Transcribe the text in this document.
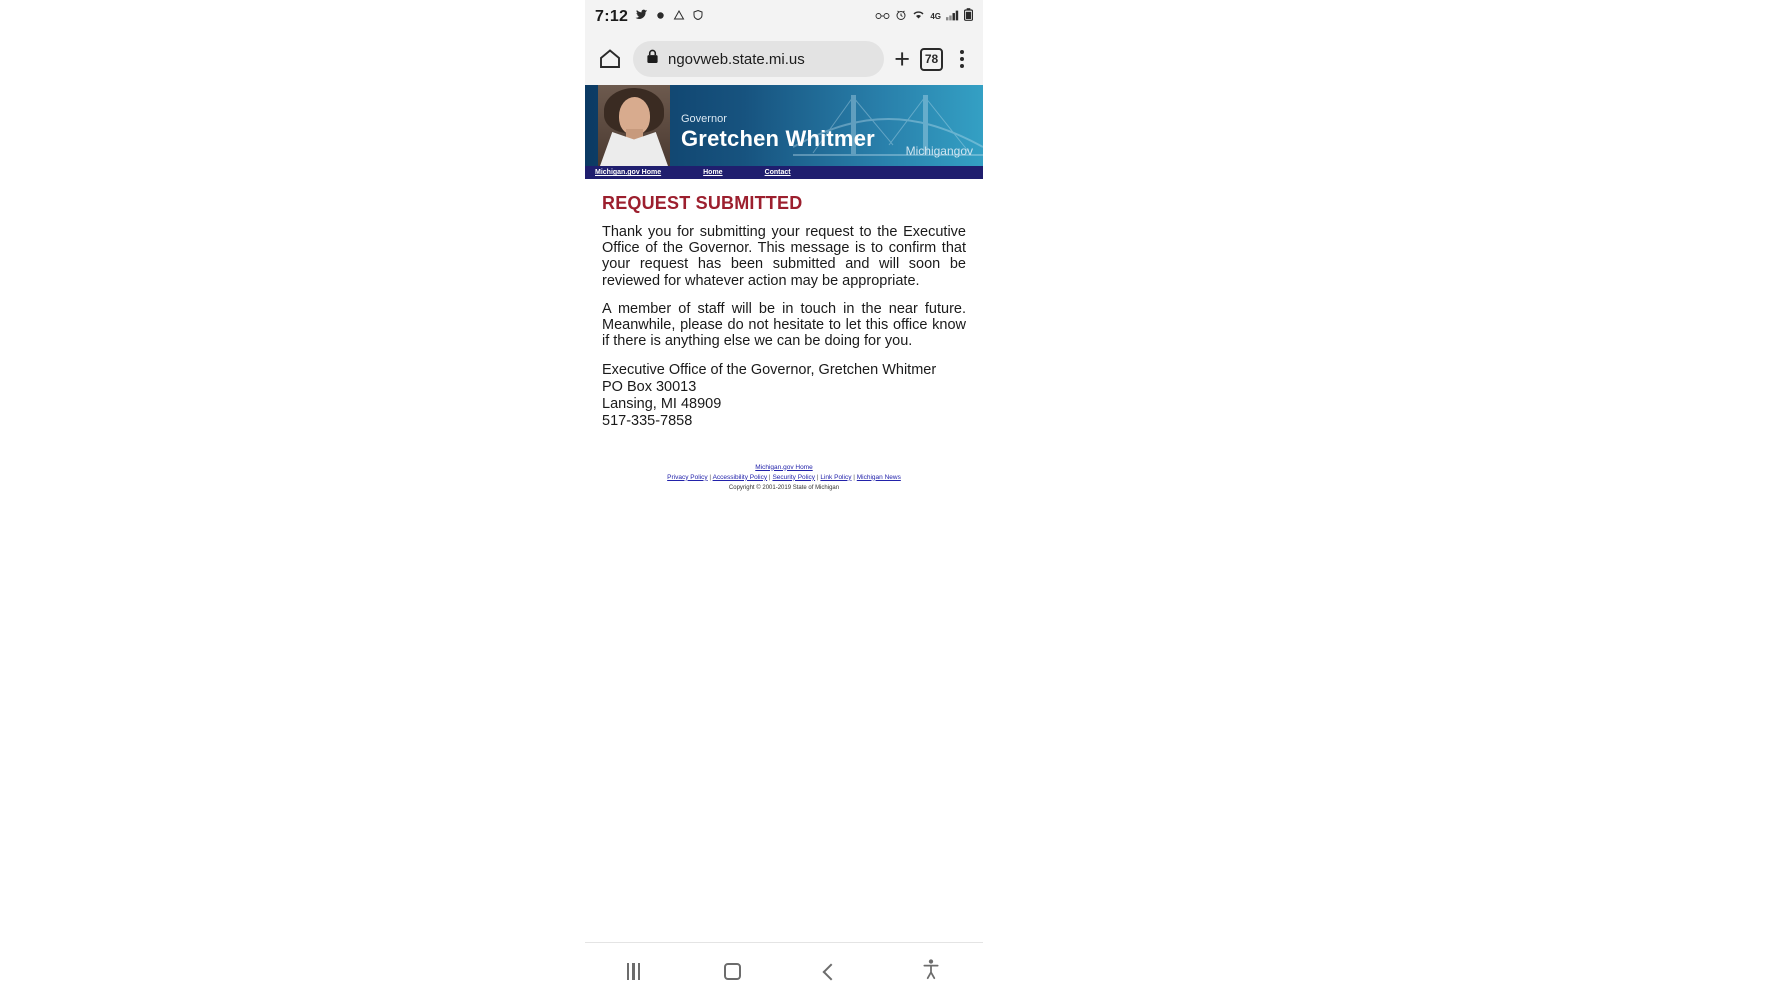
7:12	4G
ngovweb.state.mi.us	+	78
Governor
Gretchen Whitmer	Michigangov
Michigan.gov Home	Home	Contact
REQUEST SUBMITTED
Thank you for submitting your request to the Executive Office of the Governor. This message is to confirm that your request has been submitted and will soon be reviewed for whatever action may be appropriate.
A member of staff will be in touch in the near future. Meanwhile, please do not hesitate to let this office know if there is anything else we can be doing for you.
Executive Office of the Governor, Gretchen Whitmer
PO Box 30013
Lansing, MI 48909
517-335-7858
Michigan.gov Home
Privacy Policy | Accessibility Policy | Security Policy | Link Policy | Michigan News
Copyright © 2001-2019 State of Michigan
